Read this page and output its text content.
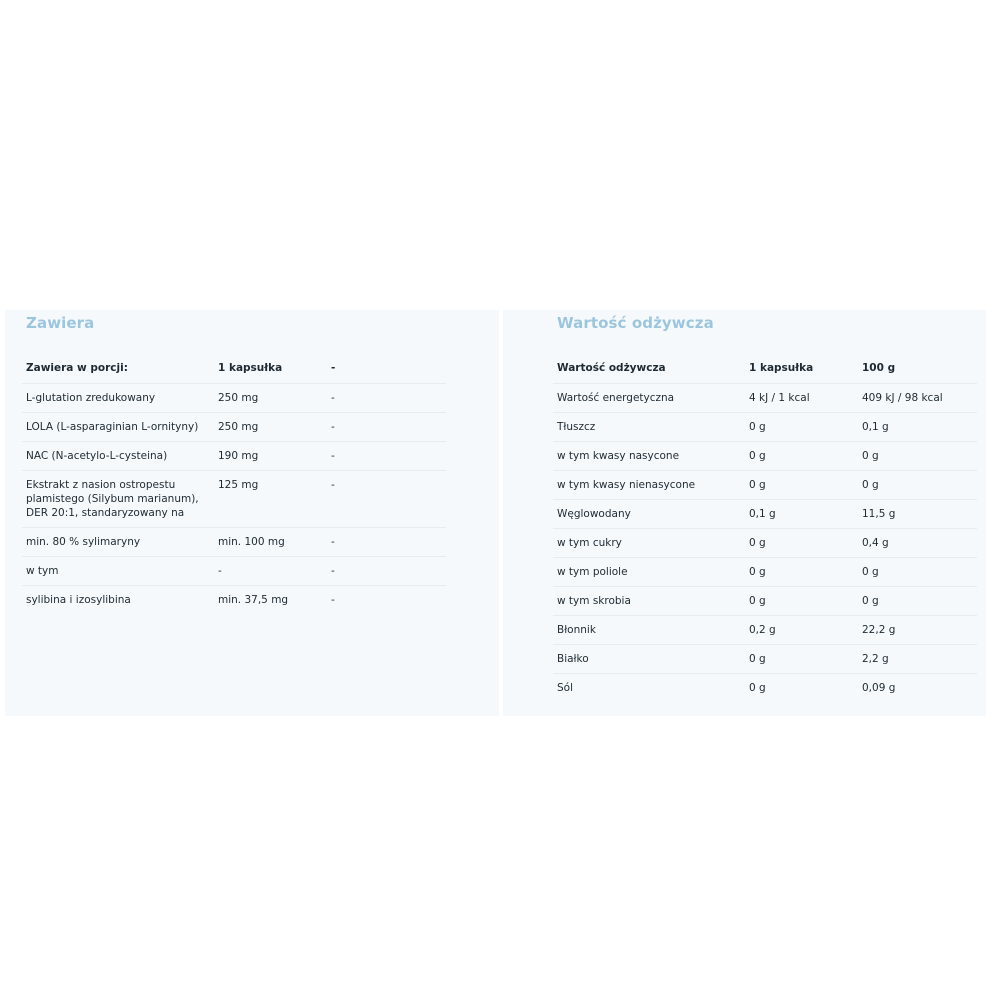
Zawiera
Zawiera w porcji:	1 kapsułka	-
L-glutation zredukowany	250 mg	-
LOLA (L-asparaginian L-ornityny)	250 mg	-
NAC (N-acetylo-L-cysteina)	190 mg	-
Ekstrakt z nasion ostropestu plamistego (Silybum marianum), DER 20:1, standaryzowany na	125 mg	-
min. 80 % sylimaryny	min. 100 mg	-
w tym	-	-
sylibina i izosylibina	min. 37,5 mg	-
Wartość odżywcza
Wartość odżywcza	1 kapsułka	100 g
Wartość energetyczna	4 kJ / 1 kcal	409 kJ / 98 kcal
Tłuszcz	0 g	0,1 g
w tym kwasy nasycone	0 g	0 g
w tym kwasy nienasycone	0 g	0 g
Węglowodany	0,1 g	11,5 g
w tym cukry	0 g	0,4 g
w tym poliole	0 g	0 g
w tym skrobia	0 g	0 g
Błonnik	0,2 g	22,2 g
Białko	0 g	2,2 g
Sól	0 g	0,09 g
